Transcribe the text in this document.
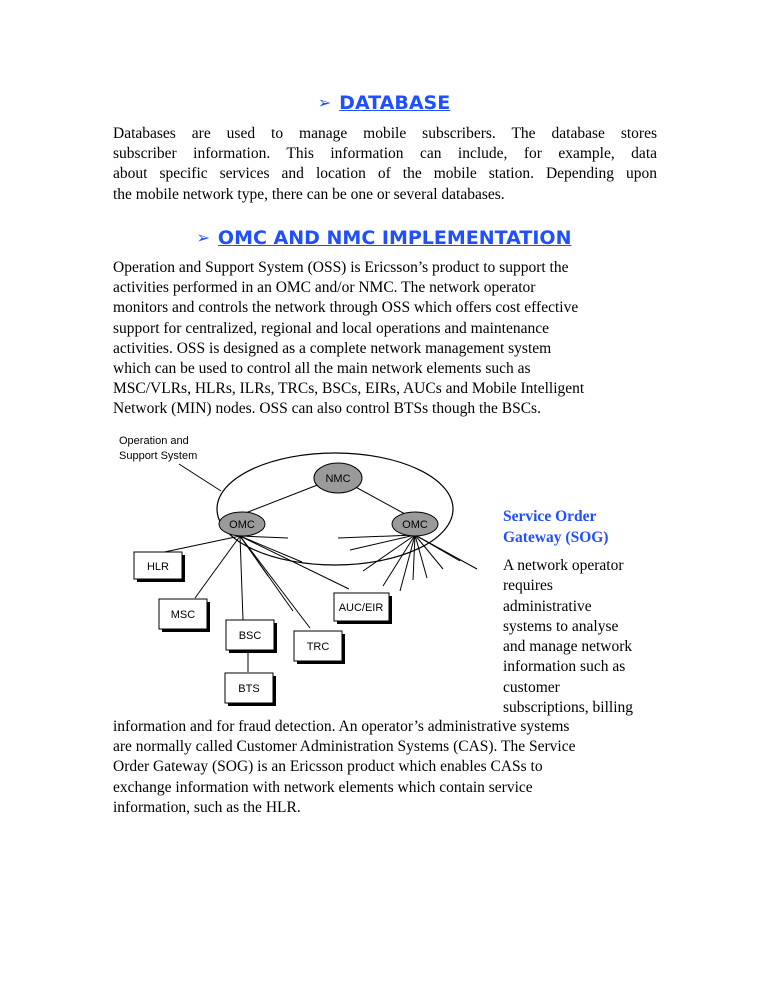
➢ DATABASE
Databases are used to manage mobile subscribers. The database stores
subscriber information. This information can include, for example, data
about specific services and location of the mobile station. Depending upon
the mobile network type, there can be one or several databases.
➢ OMC AND NMC IMPLEMENTATION
Operation and Support System (OSS) is Ericsson’s product to support the
activities performed in an OMC and/or NMC. The network operator
monitors and controls the network through OSS which offers cost effective
support for centralized, regional and local operations and maintenance
activities. OSS is designed as a complete network management system
which can be used to control all the main network elements such as
MSC/VLRs, HLRs, ILRs, TRCs, BSCs, EIRs, AUCs and Mobile Intelligent
Network (MIN) nodes. OSS can also control BTSs though the BSCs.
Operation and Support System
NMC
OMC	OMC
HLR
MSC
BSC
BTS
TRC
AUC/EIR
Service Order
Gateway (SOG)
A network operator
requires
administrative
systems to analyse
and manage network
information such as
customer
subscriptions, billing
information and for fraud detection. An operator’s administrative systems
are normally called Customer Administration Systems (CAS). The Service
Order Gateway (SOG) is an Ericsson product which enables CASs to
exchange information with network elements which contain service
information, such as the HLR.
